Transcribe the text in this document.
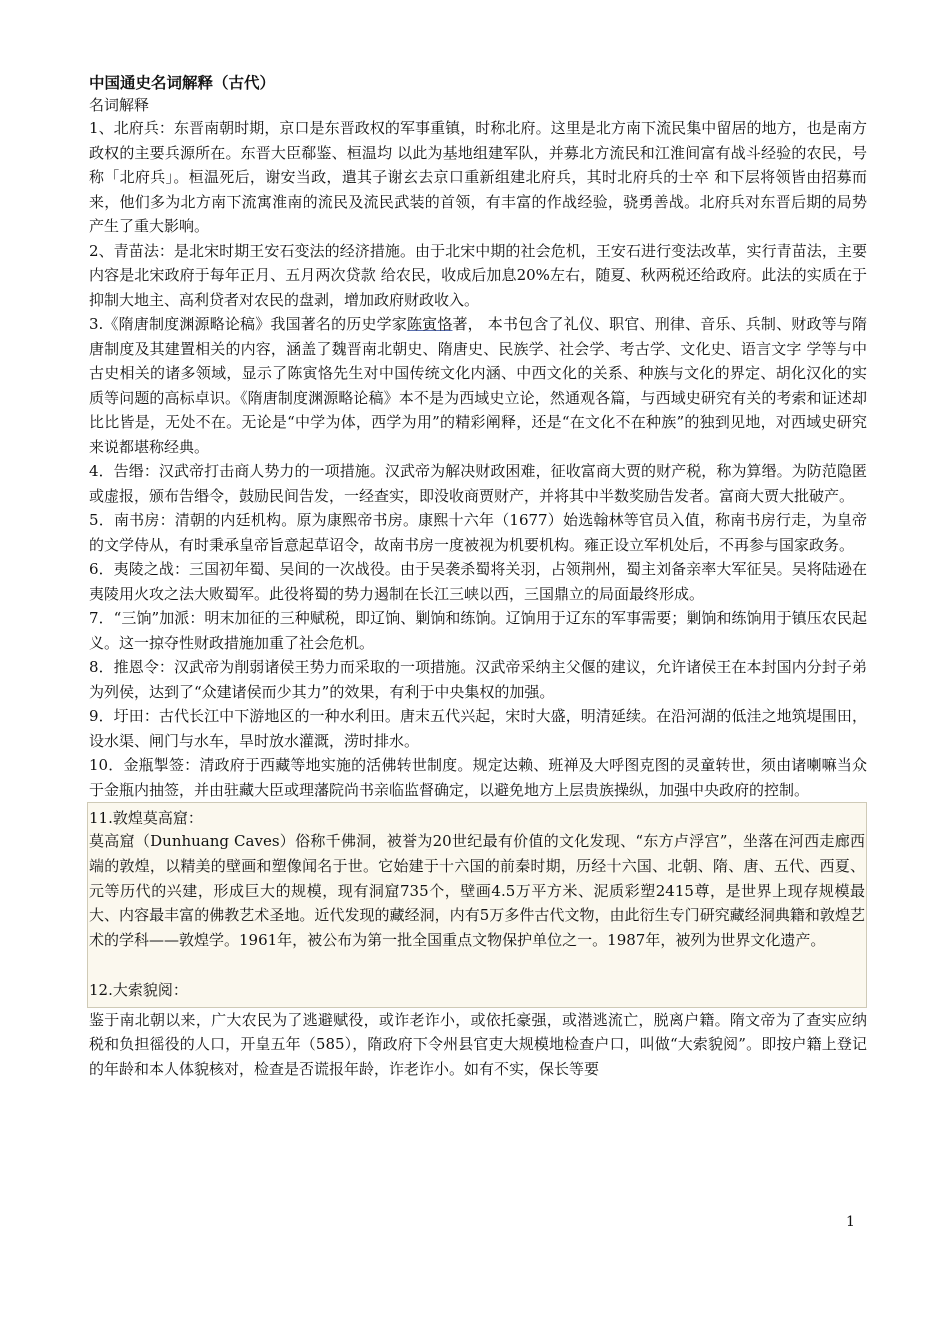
中国通史名词解释（古代）

名词解释

1、北府兵：东晋南朝时期，京口是东晋政权的军事重镇，时称北府。这里是北方南下流民集中留居的地方，也是南方政权的主要兵源所在。东晋大臣郗鉴、桓温均 以此为基地组建军队，并募北方流民和江淮间富有战斗经验的农民，号称「北府兵」。桓温死后，谢安当政，遣其子谢玄去京口重新组建北府兵，其时北府兵的士卒 和下层将领皆由招募而来，他们多为北方南下流寓淮南的流民及流民武装的首领，有丰富的作战经验，骁勇善战。北府兵对东晋后期的局势产生了重大影响。

2、青苗法：是北宋时期王安石变法的经济措施。由于北宋中期的社会危机，王安石进行变法改革，实行青苗法，主要内容是北宋政府于每年正月、五月两次贷款 给农民，收成后加息20%左右，随夏、秋两税还给政府。此法的实质在于抑制大地主、高利贷者对农民的盘剥，增加政府财政收入。

3.《隋唐制度渊源略论稿》我国著名的历史学家陈寅恪著， 本书包含了礼仪、职官、刑律、音乐、兵制、财政等与隋唐制度及其建置相关的内容，涵盖了魏晋南北朝史、隋唐史、民族学、社会学、考古学、文化史、语言文字 学等与中古史相关的诸多领域，显示了陈寅恪先生对中国传统文化内涵、中西文化的关系、种族与文化的界定、胡化汉化的实质等问题的高标卓识。《隋唐制度渊源略论稿》本不是为西域史立论，然通观各篇，与西域史研究有关的考索和证述却比比皆是，无处不在。无论是“中学为体，西学为用”的精彩阐释，还是“在文化不在种族”的独到见地，对西域史研究来说都堪称经典。

4．告缗：汉武帝打击商人势力的一项措施。汉武帝为解决财政困难，征收富商大贾的财产税，称为算缗。为防范隐匿或虚报，颁布告缗令，鼓励民间告发，一经查实，即没收商贾财产，并将其中半数奖励告发者。富商大贾大批破产。

5．南书房：清朝的内廷机构。原为康熙帝书房。康熙十六年（1677）始选翰林等官员入值，称南书房行走，为皇帝的文学侍从，有时秉承皇帝旨意起草诏令，故南书房一度被视为机要机构。雍正设立军机处后，不再参与国家政务。

6．夷陵之战：三国初年蜀、吴间的一次战役。由于吴袭杀蜀将关羽，占领荆州，蜀主刘备亲率大军征吴。吴将陆逊在夷陵用火攻之法大败蜀军。此役将蜀的势力遏制在长江三峡以西，三国鼎立的局面最终形成。

7．“三饷”加派：明末加征的三种赋税，即辽饷、剿饷和练饷。辽饷用于辽东的军事需要；剿饷和练饷用于镇压农民起义。这一掠夺性财政措施加重了社会危机。

8．推恩令：汉武帝为削弱诸侯王势力而采取的一项措施。汉武帝采纳主父偃的建议，允许诸侯王在本封国内分封子弟为列侯，达到了“众建诸侯而少其力”的效果，有利于中央集权的加强。

9．圩田：古代长江中下游地区的一种水利田。唐末五代兴起，宋时大盛，明清延续。在沿河湖的低洼之地筑堤围田，设水渠、闸门与水车，旱时放水灌溉，涝时排水。

10．金瓶掣签：清政府于西藏等地实施的活佛转世制度。规定达赖、班禅及大呼图克图的灵童转世，须由诸喇嘛当众于金瓶内抽签，并由驻藏大臣或理藩院尚书亲临监督确定，以避免地方上层贵族操纵，加强中央政府的控制。

11.敦煌莫高窟：

莫高窟（Dunhuang Caves）俗称千佛洞，被誉为20世纪最有价值的文化发现、“东方卢浮宫”，坐落在河西走廊西端的敦煌，以精美的壁画和塑像闻名于世。它始建于十六国的前秦时期，历经十六国、北朝、隋、唐、五代、西夏、元等历代的兴建，形成巨大的规模，现有洞窟735个，壁画4.5万平方米、泥质彩塑2415尊，是世界上现存规模最大、内容最丰富的佛教艺术圣地。近代发现的藏经洞，内有5万多件古代文物，由此衍生专门研究藏经洞典籍和敦煌艺术的学科——敦煌学。1961年，被公布为第一批全国重点文物保护单位之一。1987年，被列为世界文化遗产。

12.大索貌阅：

鉴于南北朝以来，广大农民为了逃避赋役，或诈老诈小，或依托豪强，或潜逃流亡，脱离户籍。隋文帝为了查实应纳税和负担徭役的人口，开皇五年（585），隋政府下令州县官吏大规模地检查户口，叫做“大索貌阅”。即按户籍上登记的年龄和本人体貌核对，检查是否谎报年龄，诈老诈小。如有不实，保长等要

1
